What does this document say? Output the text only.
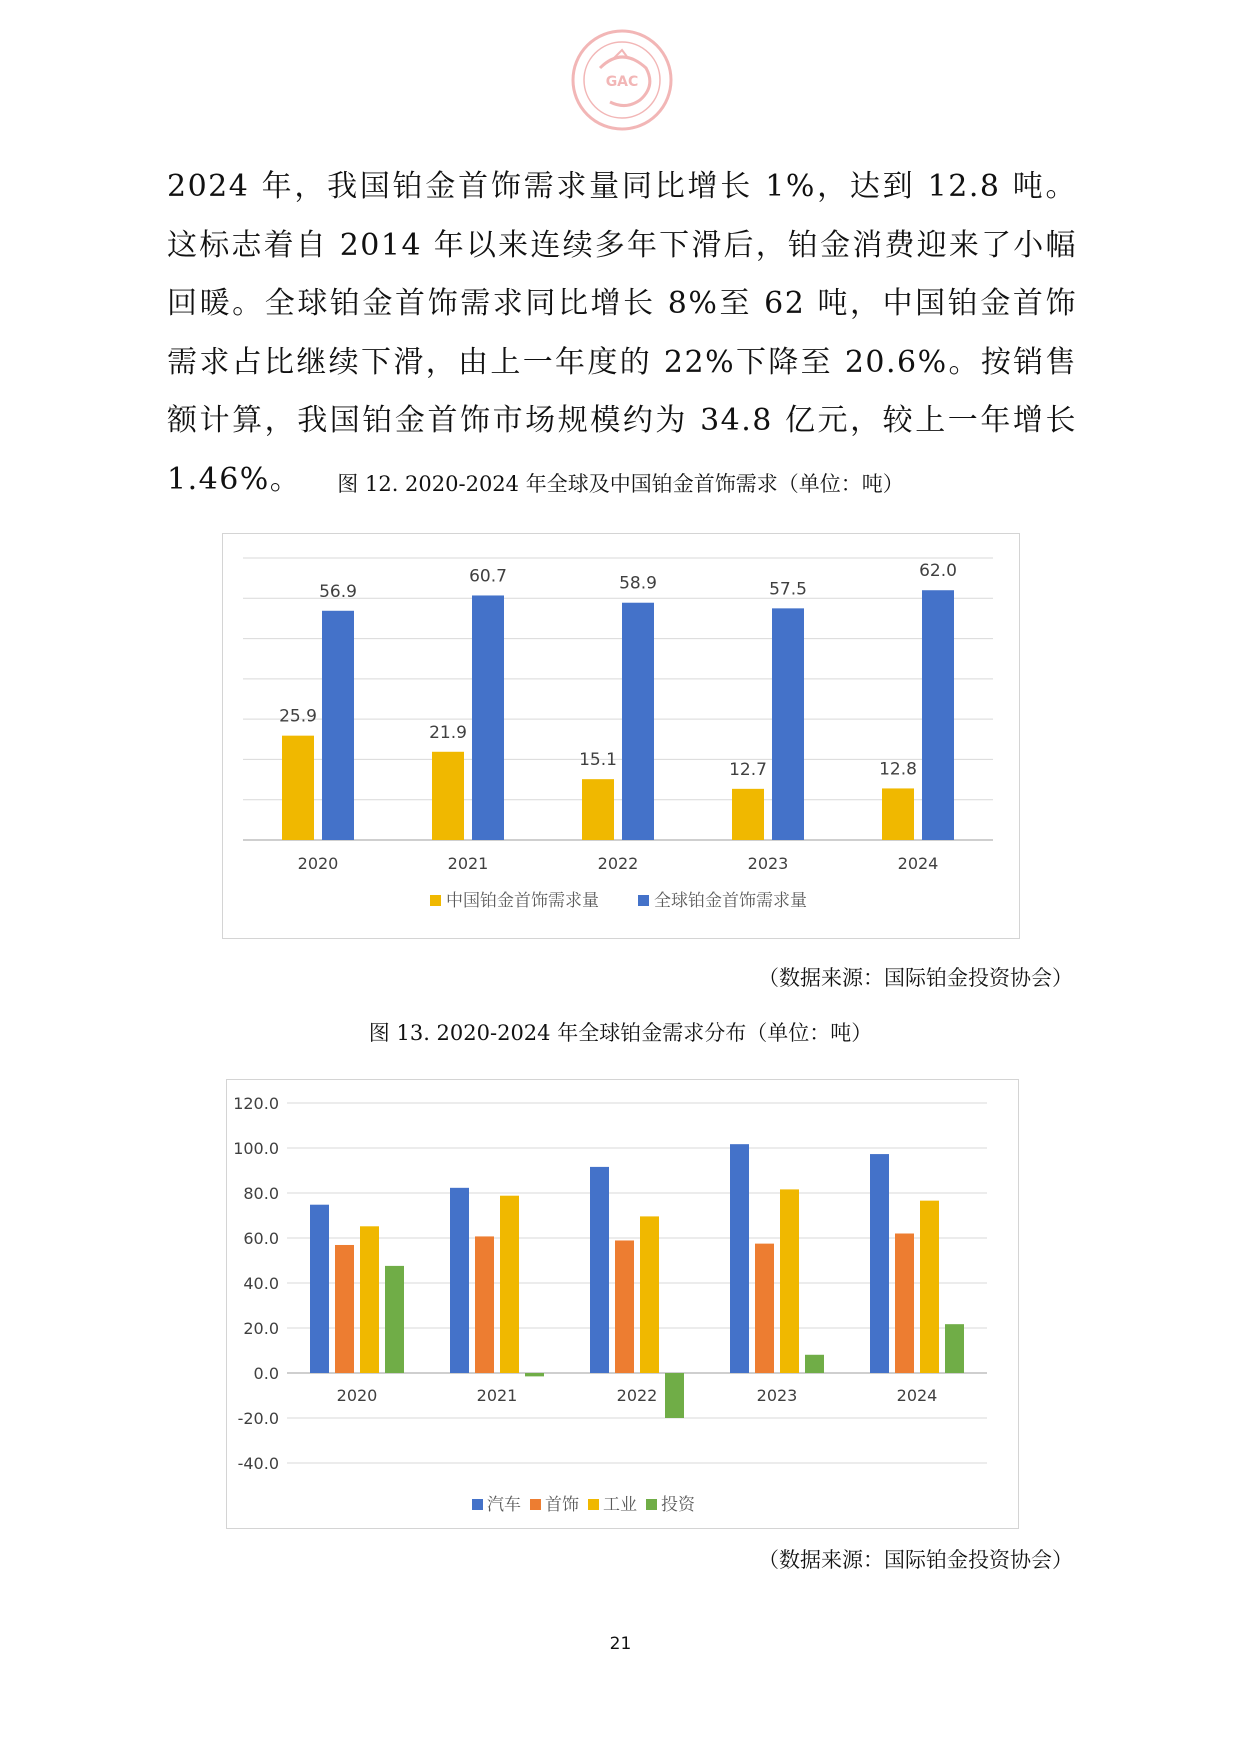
GAC

2024 年，我国铂金首饰需求量同比增长 1%，达到 12.8 吨。这标志着自 2014 年以来连续多年下滑后，铂金消费迎来了小幅回暖。全球铂金首饰需求同比增长 8%至 62 吨，中国铂金首饰需求占比继续下滑，由上一年度的 22%下降至 20.6%。按销售额计算，我国铂金首饰市场规模约为 34.8 亿元，较上一年增长 1.46%。	图 12. 2020-2024 年全球及中国铂金首饰需求（单位：吨）
25.9
56.9
2020
21.9
60.7
2021
15.1
58.9
2022
12.7
57.5
2023
12.8
62.0
2024
中国铂金首饰需求量	全球铂金首饰需求量
（数据来源：国际铂金投资协会）
图 13. 2020-2024 年全球铂金需求分布（单位：吨）
120.0
100.0
80.0
60.0
40.0
20.0
0.0
-20.0
-40.0
2020	2021	2022	2023	2024
汽车 首饰 工业 投资
（数据来源：国际铂金投资协会）
21
